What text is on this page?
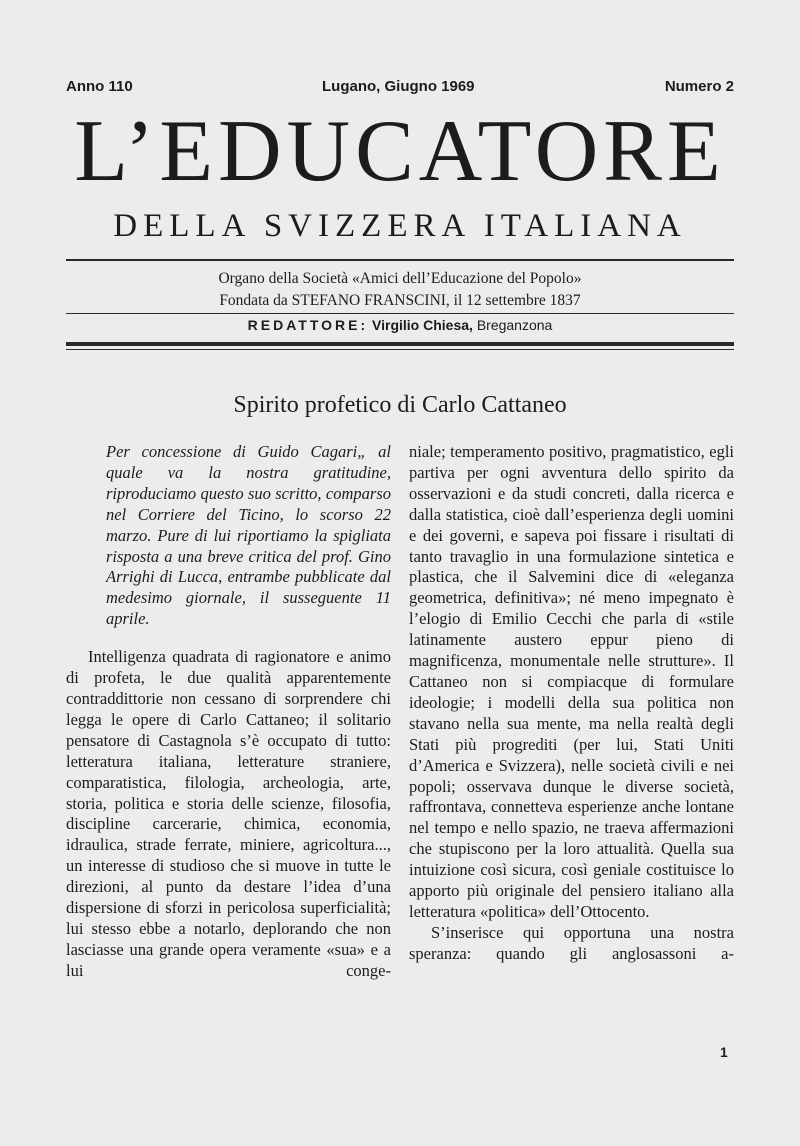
Anno 110	Lugano, Giugno 1969	Numero 2
L’EDUCATORE
DELLA SVIZZERA ITALIANA
Organo della Società «Amici dell’Educazione del Popolo»
Fondata da STEFANO FRANSCINI, il 12 settembre 1837
REDATTORE: Virgilio Chiesa, Breganzona
Spirito profetico di Carlo Cattaneo

Per concessione di Guido Cagari„ al quale va la nostra gratitudine, riproduciamo questo suo scritto, comparso nel Corriere del Ticino, lo scorso 22 marzo. Pure di lui riportiamo la spigliata risposta a una breve critica del prof. Gino Arrighi di Lucca, entrambe pubblicate dal medesimo giornale, il susseguente 11 aprile.

Intelligenza quadrata di ragionatore e animo di profeta, le due qualità apparentemente contraddittorie non cessano di sorprendere chi legga le opere di Carlo Cattaneo; il solitario pensatore di Castagnola s’è occupato di tutto: letteratura italiana, letterature straniere, comparatistica, filologia, archeologia, arte, storia, politica e storia delle scienze, filosofia, discipline carcerarie, chimica, economia, idraulica, strade ferrate, miniere, agricoltura..., un interesse di studioso che si muove in tutte le direzioni, al punto da destare l’idea d’una dispersione di sforzi in pericolosa superficialità; lui stesso ebbe a notarlo, deplorando che non lasciasse una grande opera veramente «sua» e a lui conge-

niale; temperamento positivo, pragmatistico, egli partiva per ogni avventura dello spirito da osservazioni e da studi concreti, dalla ricerca e dalla statistica, cioè dall’esperienza degli uomini e dei governi, e sapeva poi fissare i risultati di tanto travaglio in una formulazione sintetica e plastica, che il Salvemini dice di «eleganza geometrica, definitiva»; né meno impegnato è l’elogio di Emilio Cecchi che parla di «stile latinamente austero eppur pieno di magnificenza, monumentale nelle strutture». Il Cattaneo non si compiacque di formulare ideologie; i modelli della sua politica non stavano nella sua mente, ma nella realtà degli Stati più progrediti (per lui, Stati Uniti d’America e Svizzera), nelle società civili e nei popoli; osservava dunque le diverse società, raffrontava, connetteva esperienze anche lontane nel tempo e nello spazio, ne traeva affermazioni che stupiscono per la loro attualità. Quella sua intuizione così sicura, così geniale costituisce lo apporto più originale del pensiero italiano alla letteratura «politica» dell’Ottocento.

S’inserisce qui opportuna una nostra speranza: quando gli anglosassoni a-

1
